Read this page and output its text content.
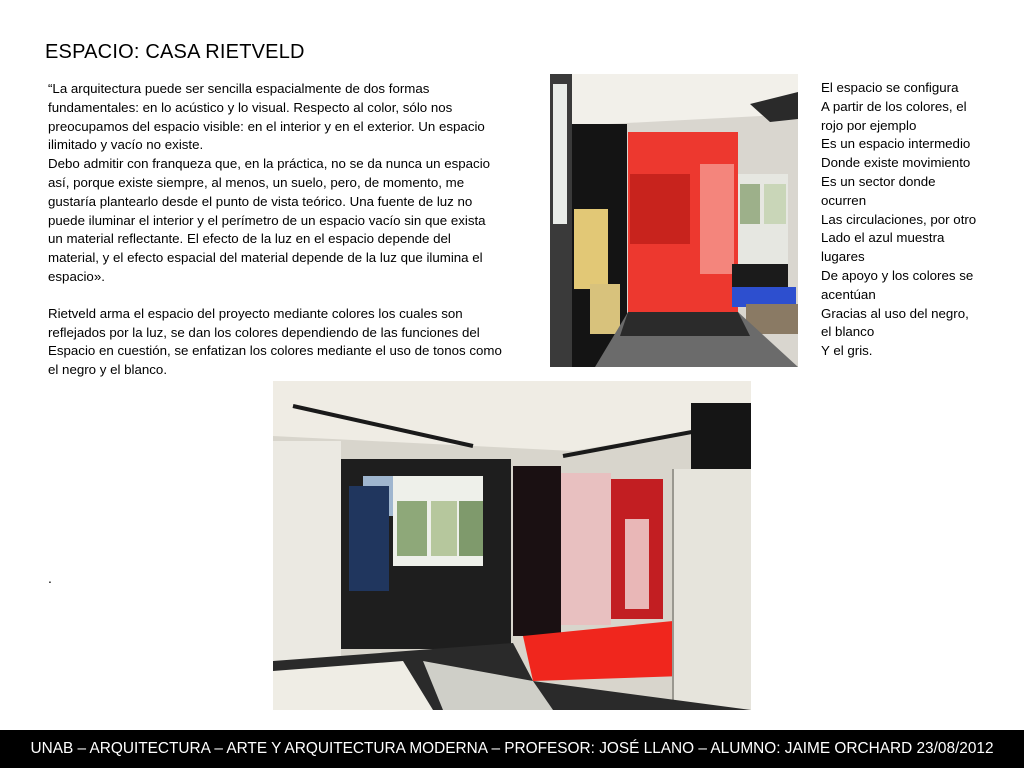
ESPACIO: CASA RIETVELD

“La arquitectura puede ser sencilla espacialmente de dos formas
fundamentales: en lo acústico y lo visual. Respecto al color, sólo nos
preocupamos del espacio visible: en el interior y en el exterior. Un espacio
ilimitado y vacío no existe.
Debo admitir con franqueza que, en la práctica, no se da nunca un espacio
así, porque existe siempre, al menos, un suelo, pero, de momento, me
gustaría plantearlo desde el punto de vista teórico. Una fuente de luz no
puede iluminar el interior y el perímetro de un espacio vacío sin que exista
un material reflectante. El efecto de la luz en el espacio depende del
material, y el efecto espacial del material depende de la luz que ilumina el
espacio».

Rietveld arma el espacio del proyecto mediante colores los cuales son
reflejados por la luz, se dan los colores dependiendo de las funciones del
Espacio en cuestión, se enfatizan los colores mediante el uso de tonos como
el negro y el blanco.

.
El espacio se configura
A partir de los colores, el
rojo por ejemplo
Es un espacio intermedio
Donde existe movimiento
Es un sector donde
ocurren
Las circulaciones, por otro
Lado el azul muestra
lugares
De apoyo y los colores se
acentúan
Gracias al uso del negro,
el blanco
Y el gris.
UNAB – ARQUITECTURA – ARTE Y ARQUITECTURA MODERNA – PROFESOR: JOSÉ LLANO – ALUMNO: JAIME ORCHARD 23/08/2012
